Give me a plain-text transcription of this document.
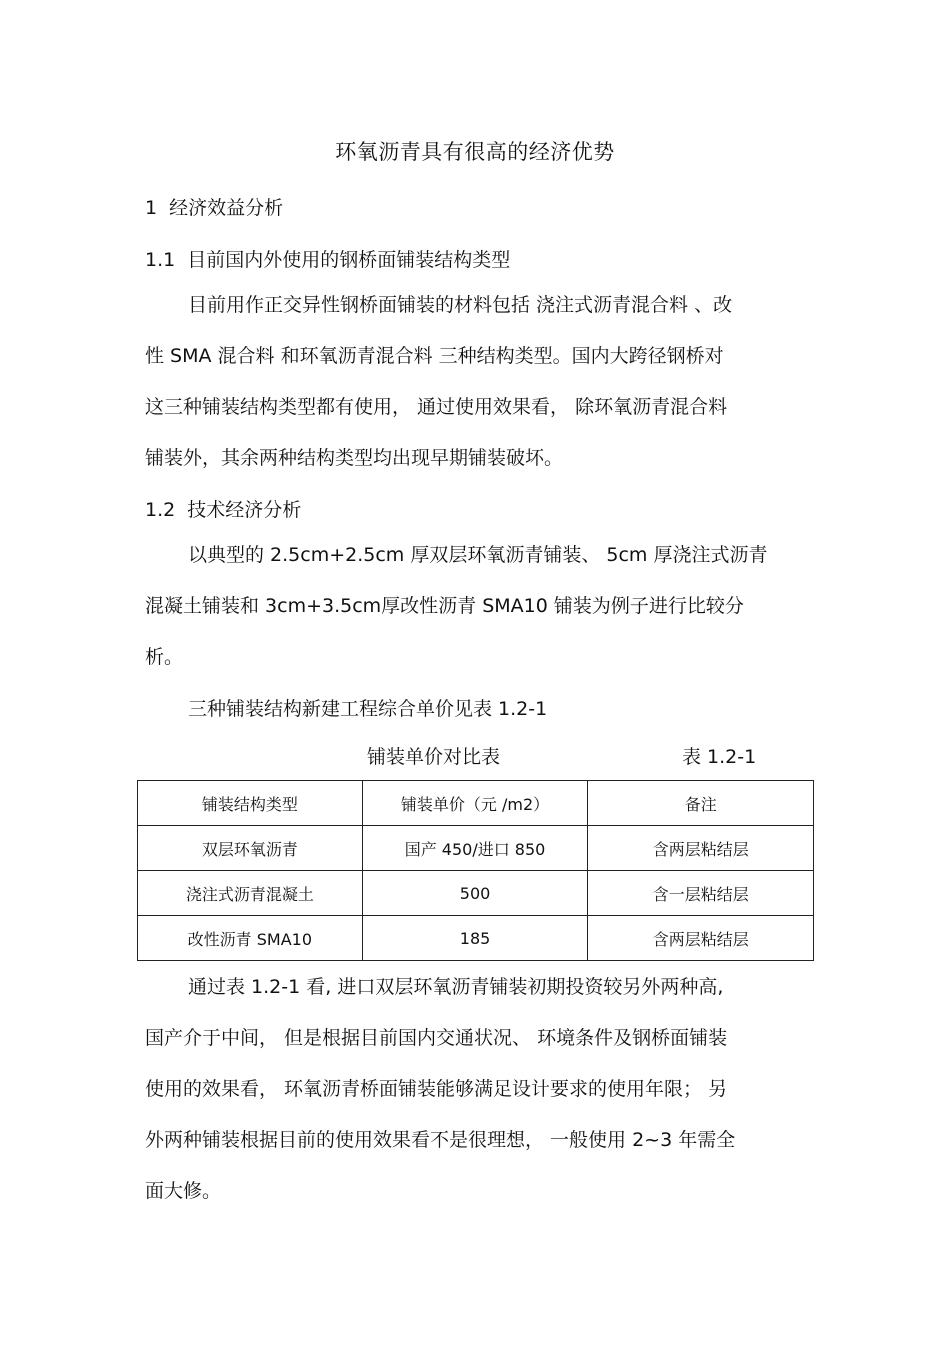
环氧沥青具有很高的经济优势
1 经济效益分析
1.1 目前国内外使用的钢桥面铺装结构类型
目前用作正交异性钢桥面铺装的材料包括 浇注式沥青混合料 、改
性 SMA 混合料 和环氧沥青混合料 三种结构类型。国内大跨径钢桥对
这三种铺装结构类型都有使用， 通过使用效果看， 除环氧沥青混合料
铺装外，其余两种结构类型均出现早期铺装破坏。
1.2 技术经济分析
以典型的 2.5cm+2.5cm 厚双层环氧沥青铺装、 5cm 厚浇注式沥青
混凝土铺装和 3cm+3.5cm厚改性沥青 SMA10 铺装为例子进行比较分
析。
三种铺装结构新建工程综合单价见表 1.2-1
铺装单价对比表	表 1.2-1
铺装结构类型	铺装单价（元 /m2）	备注
双层环氧沥青	国产 450/进口 850	含两层粘结层
浇注式沥青混凝土	500	含一层粘结层
改性沥青 SMA10	185	含两层粘结层
通过表 1.2-1 看, 进口双层环氧沥青铺装初期投资较另外两种高,
国产介于中间， 但是根据目前国内交通状况、 环境条件及钢桥面铺装
使用的效果看， 环氧沥青桥面铺装能够满足设计要求的使用年限； 另
外两种铺装根据目前的使用效果看不是很理想， 一般使用 2~3 年需全
面大修。
